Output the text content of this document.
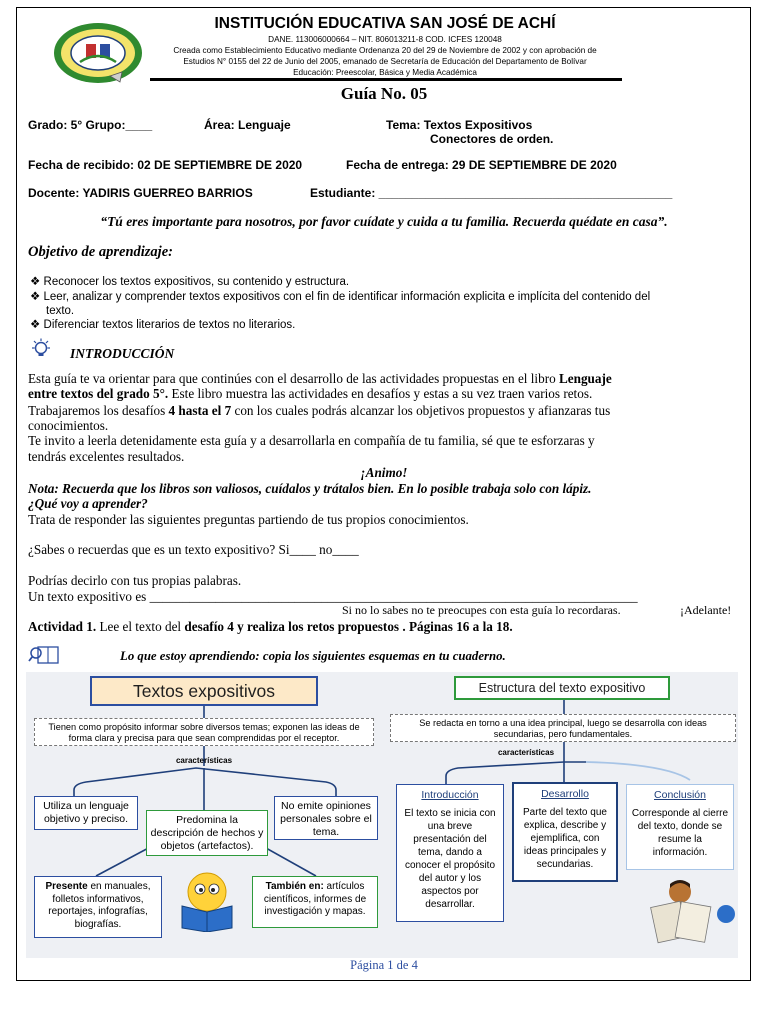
INSTITUCIÓN EDUCATIVA SAN JOSÉ DE ACHÍ
DANE. 113006000664 – NIT. 806013211-8 COD. ICFES 120048
Creada como Establecimiento Educativo mediante Ordenanza 20 del 29 de Noviembre de 2002 y con aprobación de
Estudios N° 0155 del 22 de Junio del 2005, emanado de Secretaría de Educación del Departamento de Bolívar
Educación: Preescolar, Básica y Media Académica
Guía No. 05
Grado: 5° Grupo:____	Área: Lenguaje	Tema: Textos Expositivos
Conectores de orden.
Fecha de recibido: 02 DE SEPTIEMBRE DE 2020	Fecha de entrega: 29 DE SEPTIEMBRE DE 2020
Docente: YADIRIS GUERREO BARRIOS	Estudiante: ____________________________________________
“Tú eres importante para nosotros, por favor cuídate y cuida a tu familia. Recuerda quédate en casa”.
Objetivo de aprendizaje:
❖ Reconocer los textos expositivos, su contenido y estructura.
❖ Leer, analizar y comprender textos expositivos con el fin de identificar información explicita e implícita del contenido del
texto.
❖ Diferenciar textos literarios de textos no literarios.
INTRODUCCIÓN
Esta guía te va orientar para que continúes con el desarrollo de las actividades propuestas en el libro Lenguaje
entre textos del grado 5°. Este libro muestra las actividades en desafíos y estas a su vez traen varios retos.
Trabajaremos los desafíos 4 hasta el 7 con los cuales podrás alcanzar los objetivos propuestos y afianzaras tus
conocimientos.
Te invito a leerla detenidamente esta guía y a desarrollarla en compañía de tu familia, sé que te esforzaras y
tendrás excelentes resultados.
¡Animo!
Nota: Recuerda que los libros son valiosos, cuídalos y trátalos bien. En lo posible trabaja solo con lápiz.
¿Qué voy a aprender?
Trata de responder las siguientes preguntas partiendo de tus propios conocimientos.
¿Sabes o recuerdas que es un texto expositivo? Si____ no____
Podrías decirlo con tus propias palabras.
Un texto expositivo es __________________________________________________________________________
Si no lo sabes no te preocupes con esta guía lo recordaras.	¡Adelante!
Actividad 1. Lee el texto del desafío 4 y realiza los retos propuestos . Páginas 16 a la 18.
Lo que estoy aprendiendo: copia los siguientes esquemas en tu cuaderno.
Textos expositivos
Tienen como propósito informar sobre diversos temas; exponen las ideas de forma clara y precisa para que sean comprendidas por el receptor.
características
Utiliza un lenguaje objetivo y preciso.	Predomina la descripción de hechos y objetos (artefactos).
No emite opiniones personales sobre el tema.
Presente en manuales, folletos informativos, reportajes, infografías, biografías.
También en: artículos científicos, informes de investigación y mapas.
Estructura del texto expositivo
Se redacta en torno a una idea principal, luego se desarrolla con ideas secundarias, pero fundamentales.
características
Introducción
El texto se inicia con una breve presentación del tema, dando a conocer el propósito del autor y los aspectos por desarrollar.
Desarrollo
Parte del texto que explica, describe y ejemplifica, con ideas principales y secundarias.
Conclusión
Corresponde al cierre del texto, donde se resume la información.
Página 1 de 4
